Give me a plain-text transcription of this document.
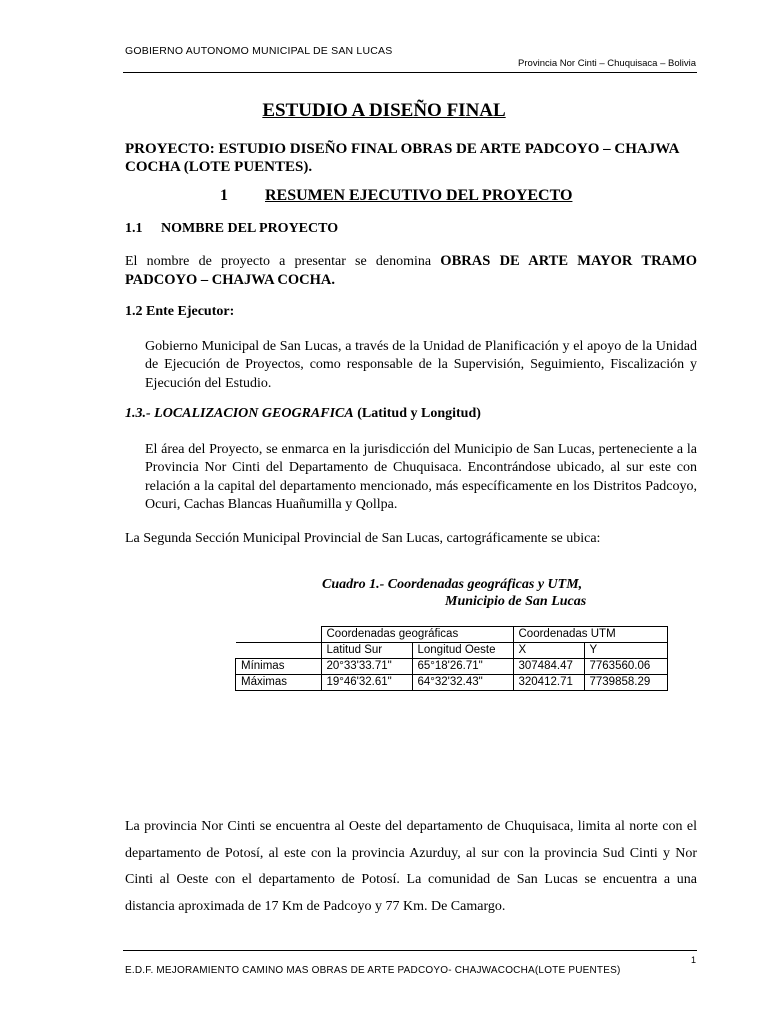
GOBIERNO AUTONOMO MUNICIPAL DE SAN LUCAS
Provincia Nor Cinti – Chuquisaca – Bolivia
ESTUDIO A DISEÑO FINAL
PROYECTO: ESTUDIO DISEÑO FINAL OBRAS DE ARTE PADCOYO – CHAJWA COCHA (LOTE PUENTES).
1 RESUMEN EJECUTIVO DEL PROYECTO
1.1 NOMBRE DEL PROYECTO
El nombre de proyecto a presentar se denomina OBRAS DE ARTE MAYOR TRAMO PADCOYO – CHAJWA COCHA.
1.2 Ente Ejecutor:
Gobierno Municipal de San Lucas, a través de la Unidad de Planificación y el apoyo de la Unidad de Ejecución de Proyectos, como responsable de la Supervisión, Seguimiento, Fiscalización y Ejecución del Estudio.
1.3.- LOCALIZACION GEOGRAFICA (Latitud y Longitud)
El área del Proyecto, se enmarca en la jurisdicción del Municipio de San Lucas, perteneciente a la Provincia Nor Cinti del Departamento de Chuquisaca. Encontrándose ubicado, al sur este con relación a la capital del departamento mencionado, más específicamente en los Distritos Padcoyo, Ocuri, Cachas Blancas Huañumilla y Qollpa.
La Segunda Sección Municipal Provincial de San Lucas, cartográficamente se ubica:
Cuadro 1.- Coordenadas geográficas y UTM,
Municipio de San Lucas
	Coordenadas geográficas		Coordenadas UTM	
	Latitud Sur	Longitud Oeste	X	Y
Mínimas	20°33'33.71"	65°18'26.71"	307484.47	7763560.06
Máximas	19°46'32.61"	64°32'32.43"	320412.71	7739858.29
La provincia Nor Cinti se encuentra al Oeste del departamento de Chuquisaca, limita al norte con el departamento de Potosí, al este con la provincia Azurduy, al sur con la provincia Sud Cinti y Nor Cinti al Oeste con el departamento de Potosí. La comunidad de San Lucas se encuentra a una distancia aproximada de 17 Km de Padcoyo y 77 Km. De Camargo.
1
E.D.F. MEJORAMIENTO CAMINO MAS OBRAS DE ARTE PADCOYO- CHAJWACOCHA(LOTE PUENTES)
